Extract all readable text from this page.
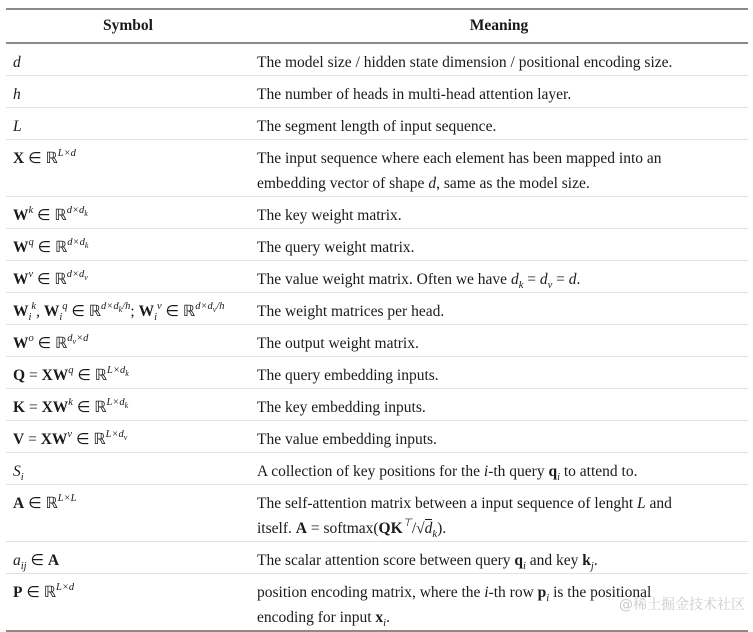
Symbol	Meaning
d	The model size / hidden state dimension / positional encoding size.
h	The number of heads in multi-head attention layer.
L	The segment length of input sequence.
X ∈ ℝ$^{L\times d}$	The input sequence where each element has been mapped into an
embedding vector of shape d, same as the model size.
$W^k$ ∈ ℝ$^{d\times dk}$	The key weight matrix.
$W^q$ ∈ ℝ$^{d\times dk}$	The query weight matrix.
$W^v$ ∈ ℝ$^{d\times dv}$	The value weight matrix. Often we have $d_k = d_v = d$.
$W_i^k$, $W_i^q$ ∈ ℝ$^{d\times dk/h}$; $W_i^v$ ∈ ℝ$^{d\times dv/h}$	The weight matrices per head.
$W^o$ ∈ ℝ$^{dv\times d}$	The output weight matrix.
$Q = XW^q$ ∈ ℝ$^{L\times dk}$	The query embedding inputs.
$K = XW^k$ ∈ ℝ$^{L\times dk}$	The key embedding inputs.
$V = XW^v$ ∈ ℝ$^{L\times dv}$	The value embedding inputs.
$S_i$	A collection of key positions for the i-th query $q_i$ to attend to.
A ∈ ℝ$^{L\times L}$	The self-attention matrix between a input sequence of lenght L and
itself. $A = softmax(QK^⊤/√d_k)$.
$a_{ij}$ ∈ A	The scalar attention score between query $q_i$ and key $k_j$.
P ∈ ℝ$^{L\times d}$	position encoding matrix, where the i-th row $p_i$ is the positional
encoding for input $x_i$.
@稀土掘金技术社区
